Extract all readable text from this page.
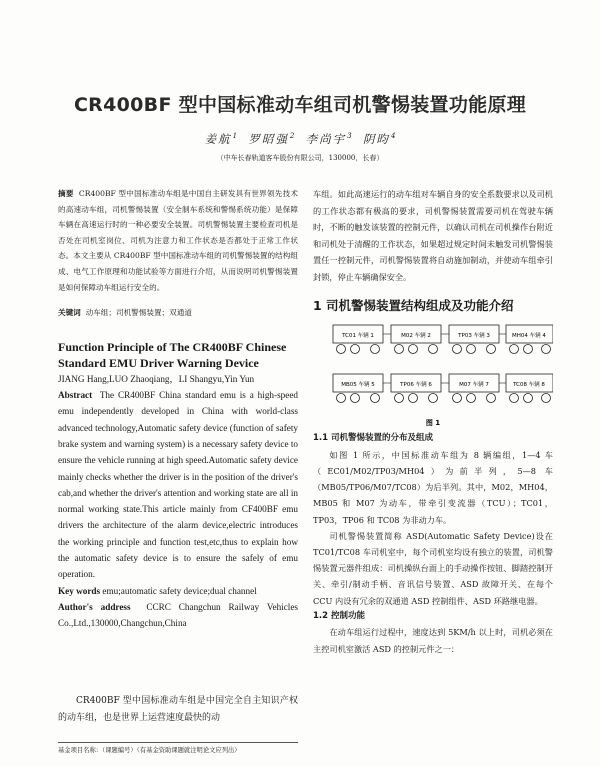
CR400BF 型中国标准动车组司机警惕装置功能原理
姜航$^1$ 罗昭强$^2$ 李尚宇$^3$ 阴昀$^4$
（中车长春轨道客车股份有限公司，130000，长春）

摘要 CR400BF 型中国标准动车组是中国自主研发具有世界领先技术的高速动车组，司机警惕装置（安全制车系统和警惕系统功能）是保障车辆在高速运行时的一种必要安全装置。司机警惕装置主要检查司机是否处在司机室岗位、司机为注意力和工作状态是否都处于正常工作状态。本文主要从 CR400BF 型中国标准动车组的司机警惕装置的结构组成、电气工作原理和功能试验等方面进行介绍，从而说明司机警惕装置是如何保障动车组运行安全的。

关键词 动车组；司机警惕装置；双通道

Function Principle of The CR400BF Chinese Standard EMU Driver Warning Device
JIANG Hang,LUO Zhaoqiang，LI Shangyu,Yin Yun

Abstract The CR400BF China standard emu is a high-speed emu independently developed in China with world-class advanced technology,Automatic safety device (function of safety brake system and warning system) is a necessary safety device to ensure the vehicle running at high speed.Automatic safety device mainly checks whether the driver is in the position of the driver's cab,and whether the driver's attention and working state are all in normal working state.This article mainly from CF400BF emu drivers the architecture of the alarm device,electric introduces the working principle and function test,etc,thus to explain how the automatic safety device is to ensure the safely of emu operation.

Key words emu;automatic safety device;dual channel

Author's address CCRC Changchun Railway Vehicles Co.,Ltd.,130000,Changchun,China

CR400BF 型中国标准动车组是中国完全自主知识产权的动车组，也是世界上运营速度最快的动

基金项目名称：（课题编号）（有基金资助课题就注明论文应列出）

车组。如此高速运行的动车组对车辆自身的安全系数要求以及司机的工作状态都有极高的要求，司机警惕装置需要司机在驾驶车辆时，不断的触发该装置的控制元件，以确认司机在司机操作台附近和司机处于清醒的工作状态，如果超过规定时间未触发司机警惕装置任一控制元件，司机警惕装置将自动施加制动，并使动车组牵引封锁，停止车辆确保安全。

1 司机警惕装置结构组成及功能介绍
TC01 车辆 1	M02 车辆 2	TP03 车辆 3	MH04 车辆 4
MB05 车辆 5	TP06 车辆 6	M07 车辆 7	TC08 车辆 8
图 1
1.1 司机警惕装置的分布及组成

如图 1 所示，中国标准动车组为 8 辆编组，1—4 车（EC01/M02/TP03/MH04）为前半列，5—8 车（MB05/TP06/M07/TC08）为后半列。其中，M02，MH04，MB05 和 M07 为动车，带牵引变流器（TCU）；TC01，TP03，TP06 和 TC08 为非动力车。

司机警惕装置简称 ASD(Automatic Safety Device)设在 TC01/TC08 车司机室中，每个司机室均设有独立的装置，司机警惕装置元器件组成：司机操纵台面上的手动操作按钮、脚踏控制开关、牵引/制动手柄、音讯信号装置、ASD 故障开关、在每个 CCU 内设有冗余的双通道 ASD 控制组件、ASD 环路继电器。

1.2 控制功能

在动车组运行过程中，速度达到 5KM/h 以上时，司机必须在主控司机室激活 ASD 的控制元件之一：
